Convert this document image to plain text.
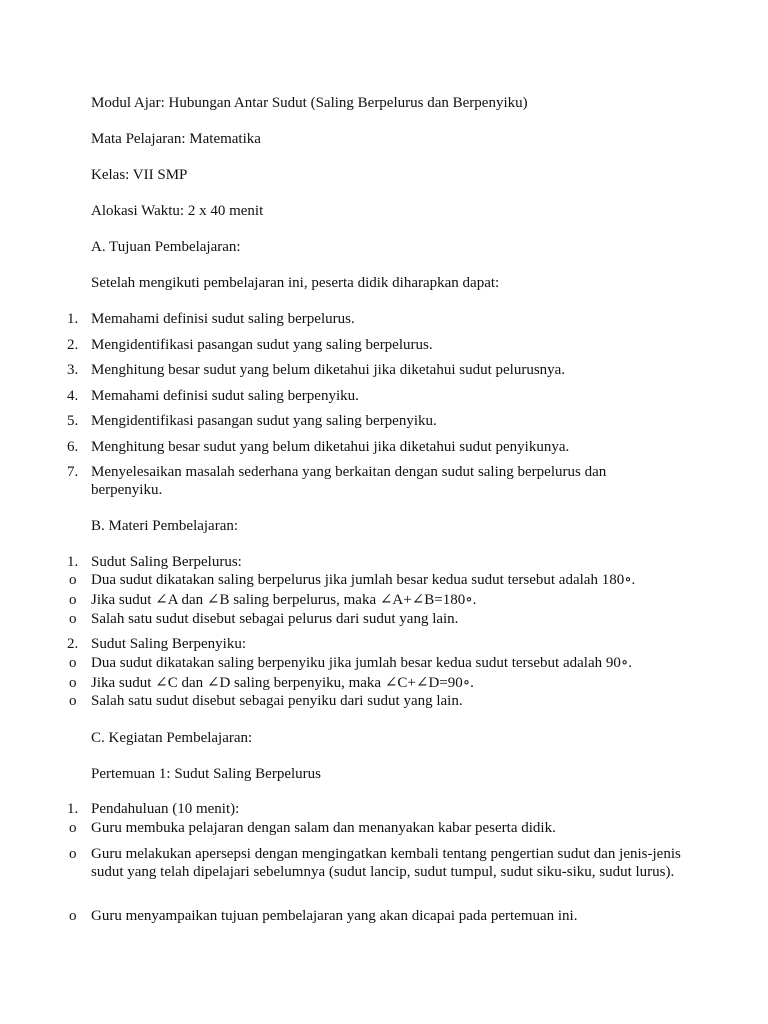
Modul Ajar: Hubungan Antar Sudut (Saling Berpelurus dan Berpenyiku)

Mata Pelajaran: Matematika

Kelas: VII SMP

Alokasi Waktu: 2 x 40 menit

A. Tujuan Pembelajaran:

Setelah mengikuti pembelajaran ini, peserta didik diharapkan dapat:

1. Memahami definisi sudut saling berpelurus.
2. Mengidentifikasi pasangan sudut yang saling berpelurus.
3. Menghitung besar sudut yang belum diketahui jika diketahui sudut pelurusnya.
4. Memahami definisi sudut saling berpenyiku.
5. Mengidentifikasi pasangan sudut yang saling berpenyiku.
6. Menghitung besar sudut yang belum diketahui jika diketahui sudut penyikunya.
7. Menyelesaikan masalah sederhana yang berkaitan dengan sudut saling berpelurus dan berpenyiku.

B. Materi Pembelajaran:

1. Sudut Saling Berpelurus:
o Dua sudut dikatakan saling berpelurus jika jumlah besar kedua sudut tersebut adalah 180∘.
o Jika sudut ∠A dan ∠B saling berpelurus, maka ∠A+∠B=180∘.
o Salah satu sudut disebut sebagai pelurus dari sudut yang lain.
2. Sudut Saling Berpenyiku:
o Dua sudut dikatakan saling berpenyiku jika jumlah besar kedua sudut tersebut adalah 90∘.
o Jika sudut ∠C dan ∠D saling berpenyiku, maka ∠C+∠D=90∘.
o Salah satu sudut disebut sebagai penyiku dari sudut yang lain.

C. Kegiatan Pembelajaran:

Pertemuan 1: Sudut Saling Berpelurus

1. Pendahuluan (10 menit):
o Guru membuka pelajaran dengan salam dan menanyakan kabar peserta didik.
o Guru melakukan apersepsi dengan mengingatkan kembali tentang pengertian sudut dan jenis-jenis sudut yang telah dipelajari sebelumnya (sudut lancip, sudut tumpul, sudut siku-siku, sudut lurus).
o Guru menyampaikan tujuan pembelajaran yang akan dicapai pada pertemuan ini.
